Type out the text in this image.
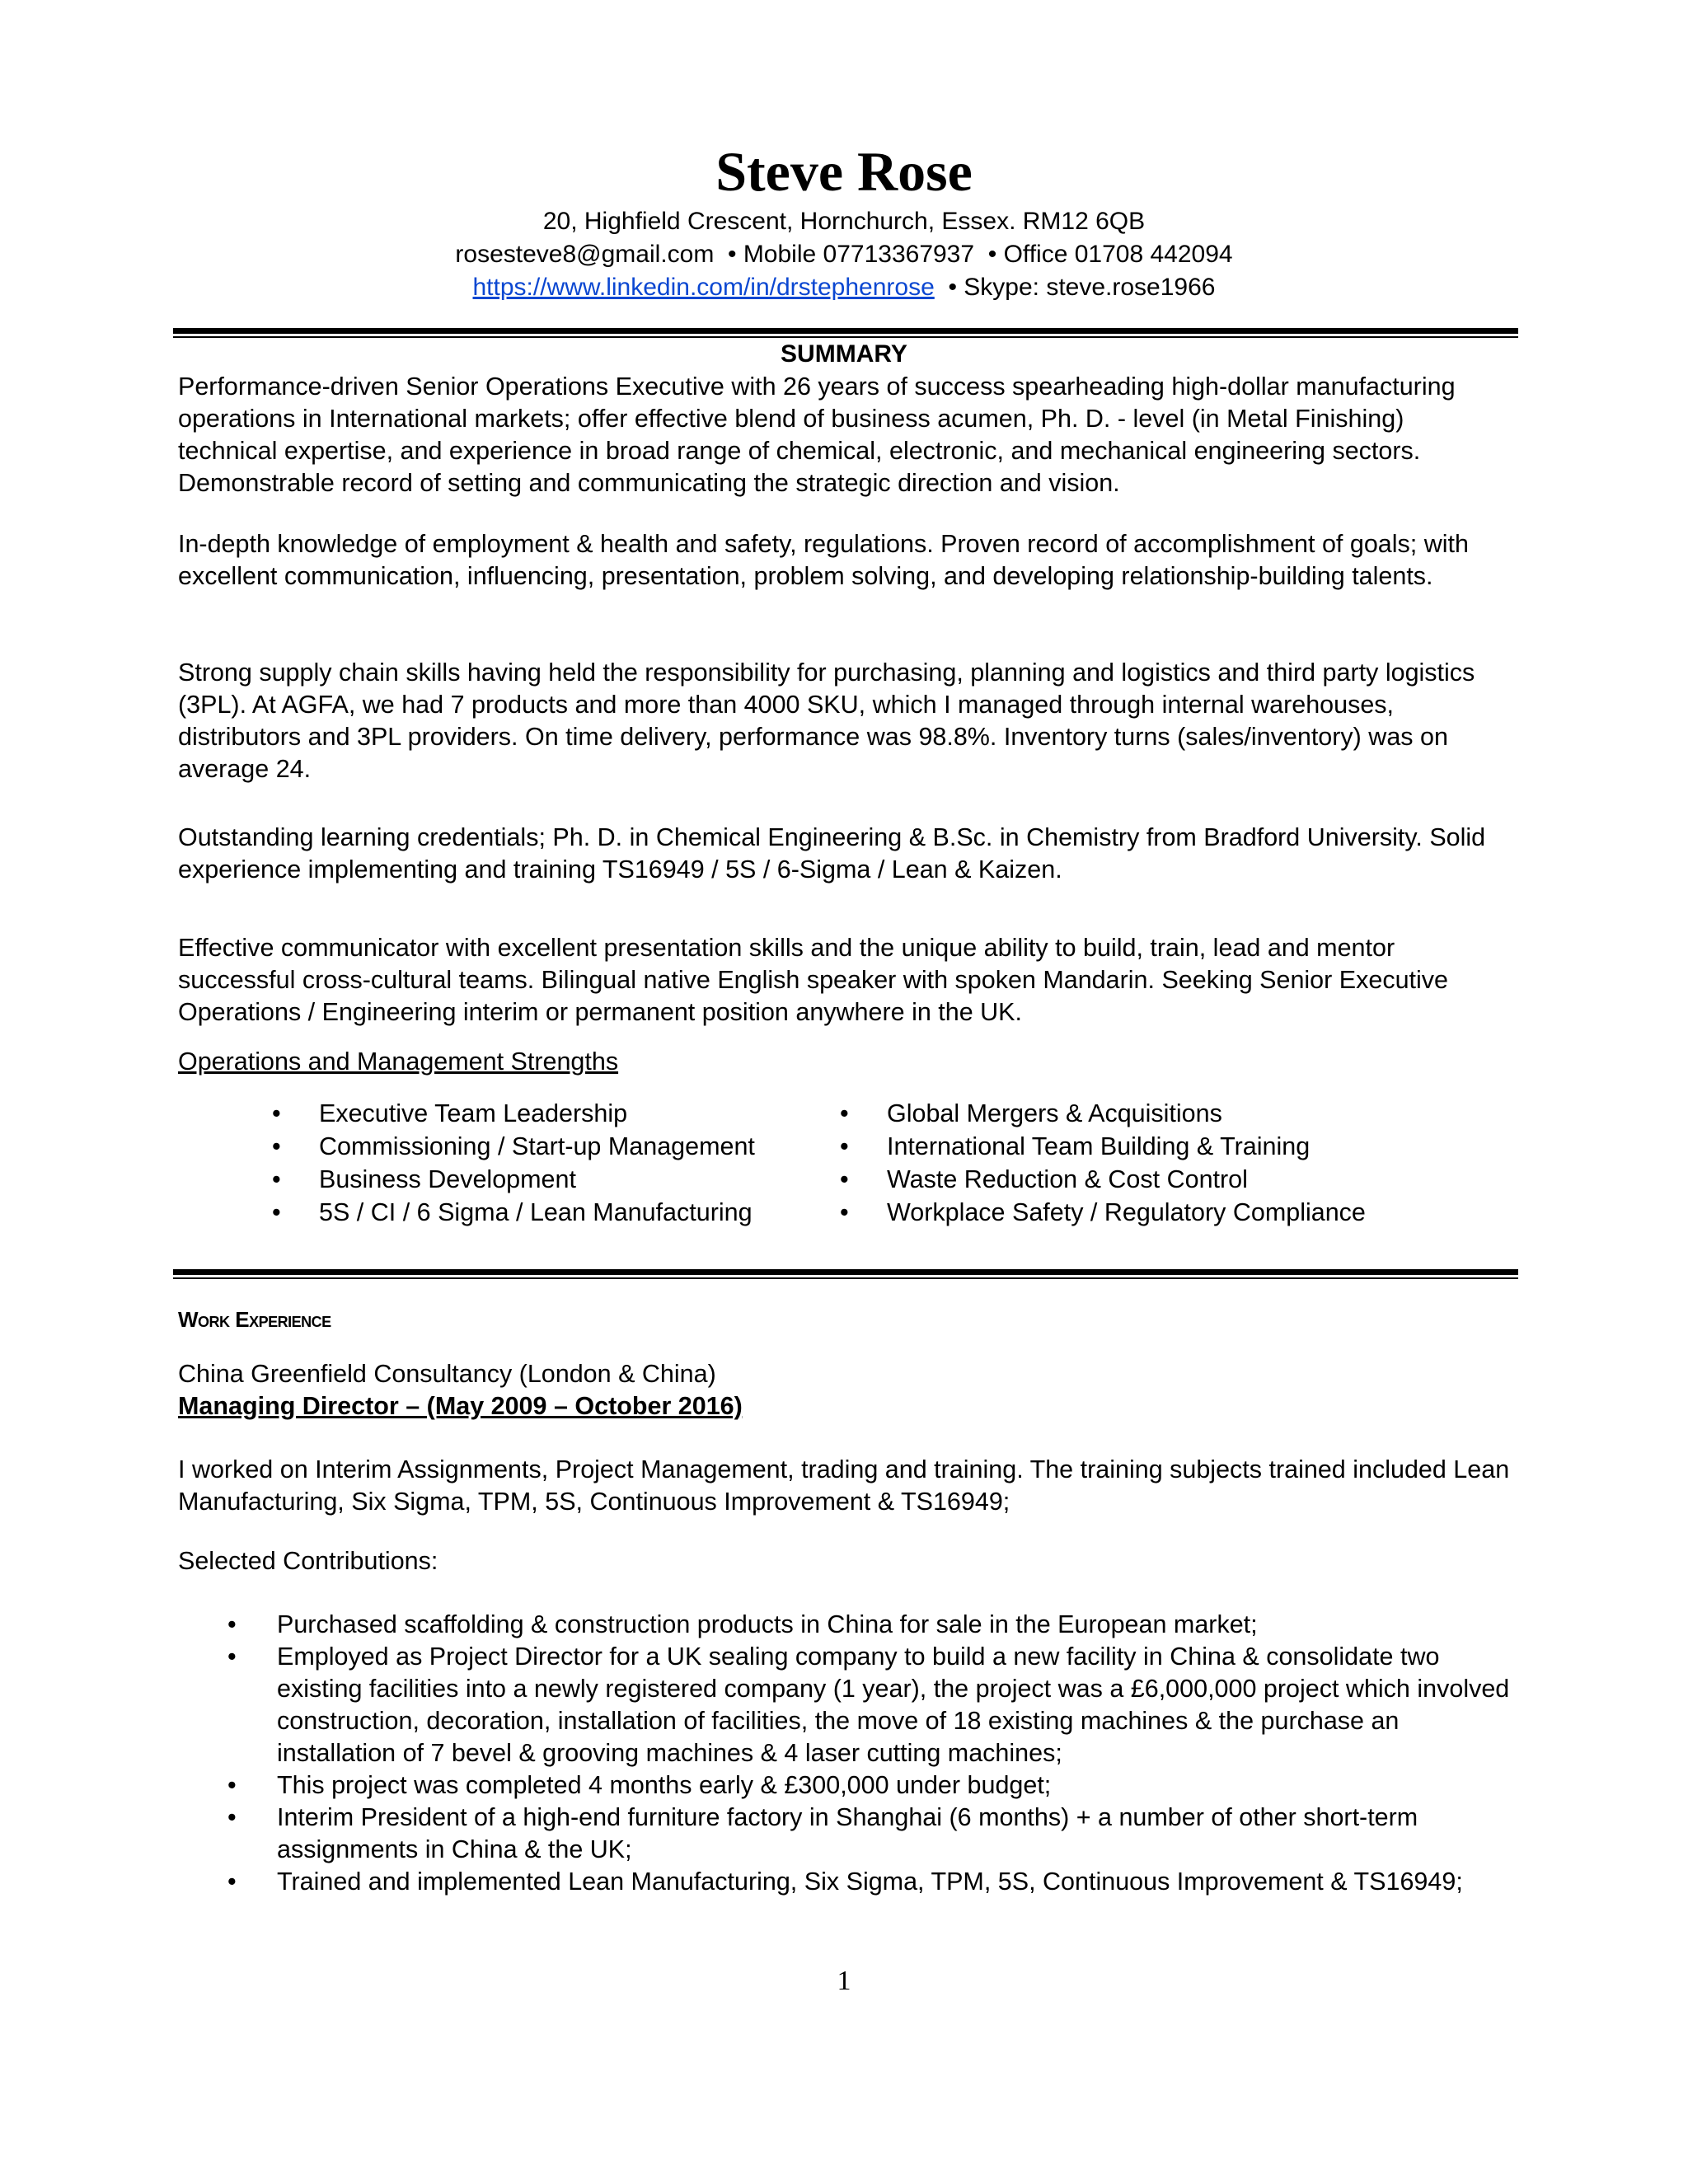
Steve Rose
20, Highfield Crescent, Hornchurch, Essex. RM12 6QB
rosesteve8@gmail.com  • Mobile 07713367937  • Office 01708 442094
https://www.linkedin.com/in/drstephenrose  • Skype: steve.rose1966
SUMMARY
Performance-driven Senior Operations Executive with 26 years of success spearheading high-dollar manufacturing operations in International markets; offer effective blend of business acumen, Ph. D. - level (in Metal Finishing) technical expertise, and experience in broad range of chemical, electronic, and mechanical engineering sectors. Demonstrable record of setting and communicating the strategic direction and vision.
In-depth knowledge of employment & health and safety, regulations. Proven record of accomplishment of goals; with excellent communication, influencing, presentation, problem solving, and developing relationship-building talents.
Strong supply chain skills having held the responsibility for purchasing, planning and logistics and third party logistics (3PL). At AGFA, we had 7 products and more than 4000 SKU, which I managed through internal warehouses, distributors and 3PL providers. On time delivery, performance was 98.8%. Inventory turns (sales/inventory) was on average 24.
Outstanding learning credentials; Ph. D. in Chemical Engineering & B.Sc. in Chemistry from Bradford University. Solid experience implementing and training TS16949 / 5S / 6-Sigma / Lean & Kaizen.
Effective communicator with excellent presentation skills and the unique ability to build, train, lead and mentor successful cross-cultural teams. Bilingual native English speaker with spoken Mandarin. Seeking Senior Executive Operations / Engineering interim or permanent position anywhere in the UK.
Operations and Management Strengths
• Executive Team Leadership
• Commissioning / Start-up Management
• Business Development
• 5S / CI / 6 Sigma / Lean Manufacturing
• Global Mergers & Acquisitions
• International Team Building & Training
• Waste Reduction & Cost Control
• Workplace Safety / Regulatory Compliance
Work Experience
China Greenfield Consultancy (London & China)
Managing Director – (May 2009 – October 2016)
I worked on Interim Assignments, Project Management, trading and training. The training subjects trained included Lean Manufacturing, Six Sigma, TPM, 5S, Continuous Improvement & TS16949;
Selected Contributions:
• Purchased scaffolding & construction products in China for sale in the European market;
• Employed as Project Director for a UK sealing company to build a new facility in China & consolidate two existing facilities into a newly registered company (1 year), the project was a £6,000,000 project which involved construction, decoration, installation of facilities, the move of 18 existing machines & the purchase an installation of 7 bevel & grooving machines & 4 laser cutting machines;
• This project was completed 4 months early & £300,000 under budget;
• Interim President of a high-end furniture factory in Shanghai (6 months) + a number of other short-term assignments in China & the UK;
• Trained and implemented Lean Manufacturing, Six Sigma, TPM, 5S, Continuous Improvement & TS16949;
1
